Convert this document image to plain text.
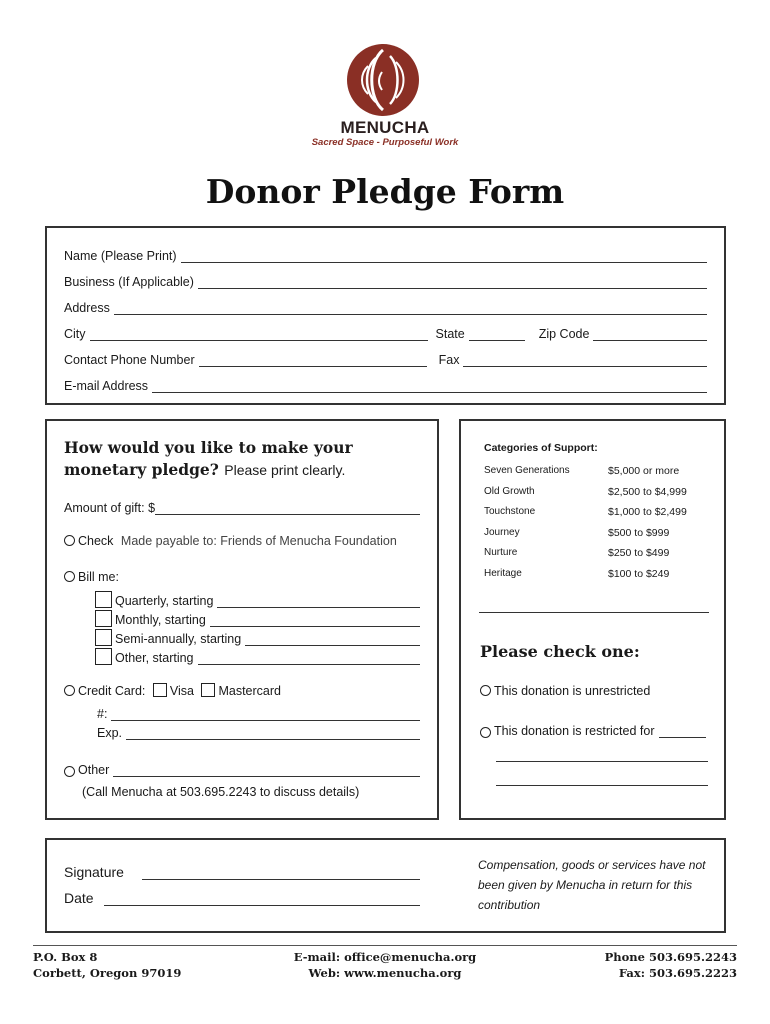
MENUCHA
Sacred Space - Purposeful Work
Donor Pledge Form
Name (Please Print)
Business (If Applicable)
Address
City	State	Zip Code
Contact Phone Number	Fax
E-mail Address
How would you like to make your monetary pledge? Please print clearly.
Amount of gift: $
Check Made payable to: Friends of Menucha Foundation
Bill me:
Quarterly, starting
Monthly, starting
Semi-annually, starting
Other, starting
Credit Card: Visa Mastercard
#:
Exp.
Other
(Call Menucha at 503.695.2243 to discuss details)
Categories of Support:
Seven Generations	$5,000 or more
Old Growth	$2,500 to $4,999
Touchstone	$1,000 to $2,499
Journey	$500 to $999
Nurture	$250 to $499
Heritage	$100 to $249
Please check one:
This donation is unrestricted
This donation is restricted for
Signature
Date
Compensation, goods or services have not been given by Menucha in return for this contribution
P.O. Box 8
Corbett, Oregon 97019
E-mail: office@menucha.org
Web: www.menucha.org
Phone 503.695.2243
Fax: 503.695.2223
